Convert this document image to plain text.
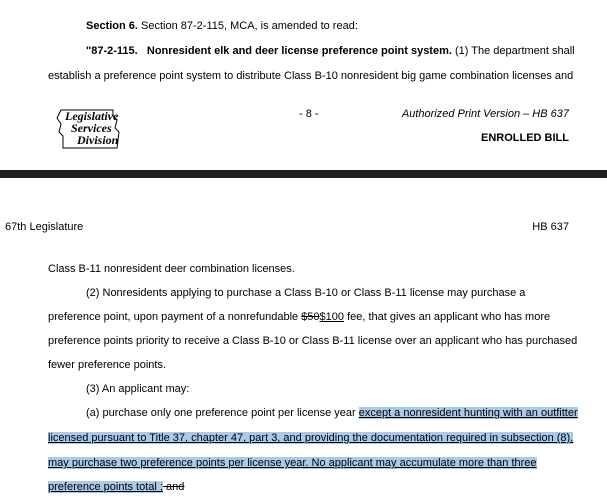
Section 6. Section 87-2-115, MCA, is amended to read:
"87-2-115. Nonresident elk and deer license preference point system. (1) The department shall
establish a preference point system to distribute Class B-10 nonresident big game combination licenses and
Legislative
Services
Division
- 8 -	Authorized Print Version – HB 637
ENROLLED BILL
67th Legislature	HB 637
Class B-11 nonresident deer combination licenses.
(2) Nonresidents applying to purchase a Class B-10 or Class B-11 license may purchase a
preference point, upon payment of a nonrefundable $50$100 fee, that gives an applicant who has more
preference points priority to receive a Class B-10 or Class B-11 license over an applicant who has purchased
fewer preference points.
(3) An applicant may:
(a) purchase only one preference point per license year except a nonresident hunting with an outfitter
licensed pursuant to Title 37, chapter 47, part 3, and providing the documentation required in subsection (8),
may purchase two preference points per license year. No applicant may accumulate more than three
preference points total ; and
